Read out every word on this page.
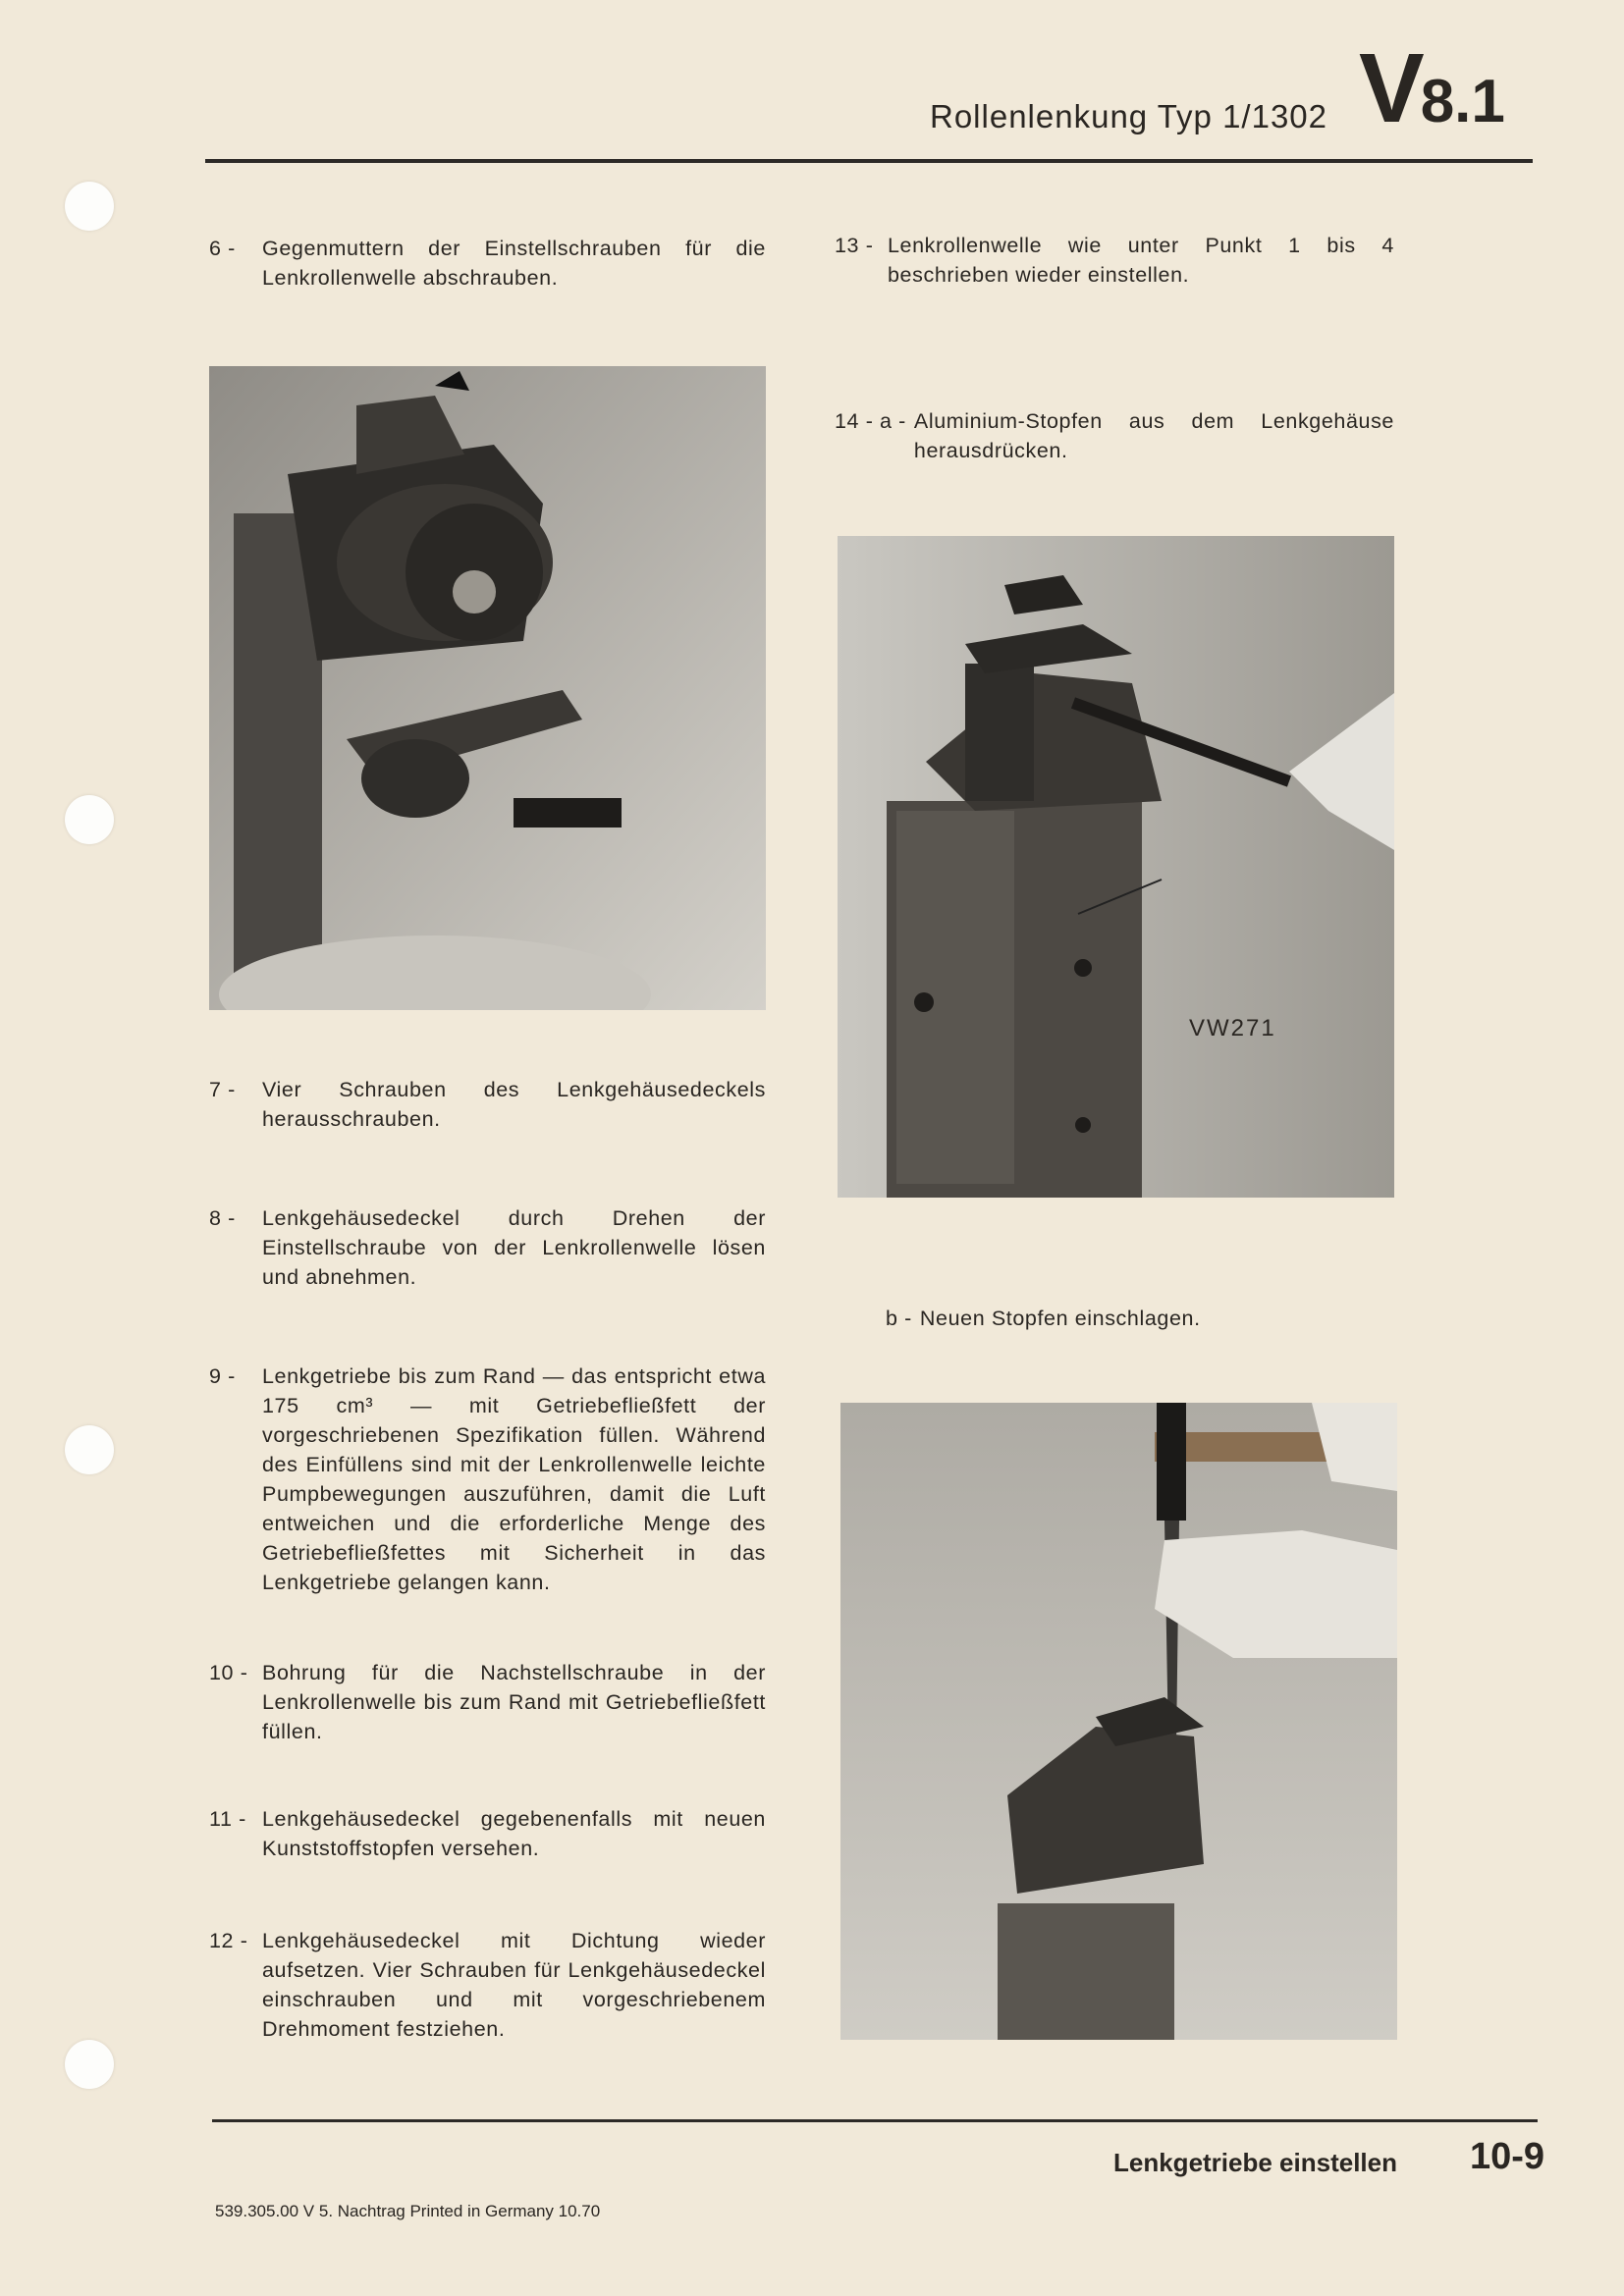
Rollenlenkung Typ 1/1302 V8.1
6 -	Gegenmuttern der Einstellschrauben für die Lenkrollenwelle abschrauben.
7 -	Vier Schrauben des Lenkgehäusedeckels herausschrauben.
8 -	Lenkgehäusedeckel durch Drehen der Einstellschraube von der Lenkrollenwelle lösen und abnehmen.
9 -	Lenkgetriebe bis zum Rand — das entspricht etwa 175 cm³ — mit Getriebefließfett der vorgeschriebenen Spezifikation füllen. Während des Einfüllens sind mit der Lenkrollenwelle leichte Pumpbewegungen auszuführen, damit die Luft entweichen und die erforderliche Menge des Getriebefließfettes mit Sicherheit in das Lenkgetriebe gelangen kann.
10 - Bohrung für die Nachstellschraube in der Lenkrollenwelle bis zum Rand mit Getriebefließfett füllen.
11 - Lenkgehäusedeckel gegebenenfalls mit neuen Kunststoffstopfen versehen.
12 - Lenkgehäusedeckel mit Dichtung wieder aufsetzen. Vier Schrauben für Lenkgehäusedeckel einschrauben und mit vorgeschriebenem Drehmoment festziehen.
13 - Lenkrollenwelle wie unter Punkt 1 bis 4 beschrieben wieder einstellen.
14 - a - Aluminium-Stopfen aus dem Lenkgehäuse herausdrücken.
VW271
b - Neuen Stopfen einschlagen.
Lenkgetriebe einstellen 10-9
539.305.00 V 5. Nachtrag Printed in Germany 10.70
